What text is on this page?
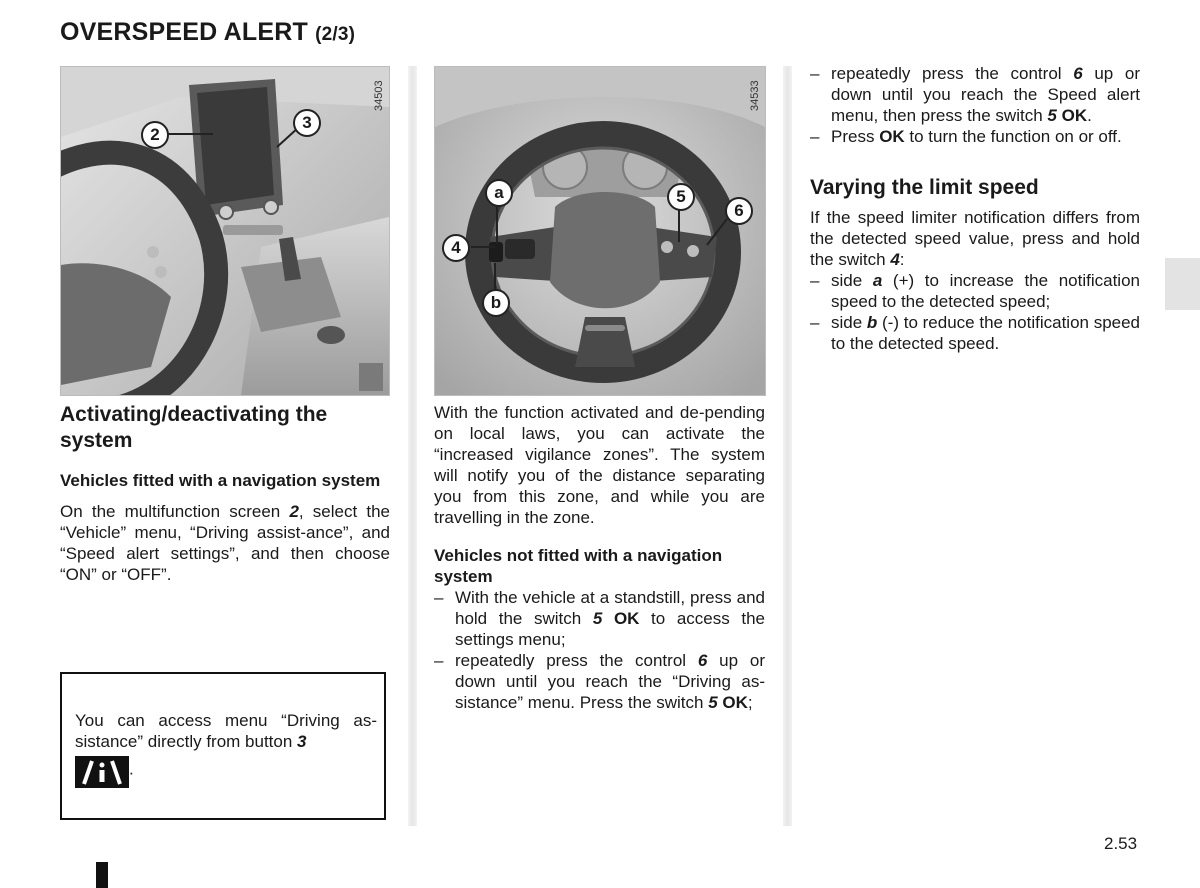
OVERSPEED ALERT (2/3)
2
3
34503
a
4
b
5
6
34533
Activating/deactivating the system
Vehicles fitted with a navigation system

On the multifunction screen 2, select the “Vehicle” menu, “Driving assist-ance”, and “Speed alert settings”, and then choose “ON” or “OFF”.

You can access menu “Driving as-sistance” directly from button 3
.

With the function activated and de-pending on local laws, you can activate the “increased vigilance zones”. The system will notify you of the distance separating you from this zone, and while you are travelling in the zone.

Vehicles not fitted with a navigation system
– With the vehicle at a standstill, press and hold the switch 5 OK to access the settings menu;
– repeatedly press the control 6 up or down until you reach the “Driving as-sistance” menu. Press the switch 5 OK;
– repeatedly press the control 6 up or down until you reach the Speed alert menu, then press the switch 5 OK.
– Press OK to turn the function on or off.
Varying the limit speed

If the speed limiter notification differs from the detected speed value, press and hold the switch 4:

– side a (+) to increase the notification speed to the detected speed;
– side b (-) to reduce the notification speed to the detected speed.
2.53
